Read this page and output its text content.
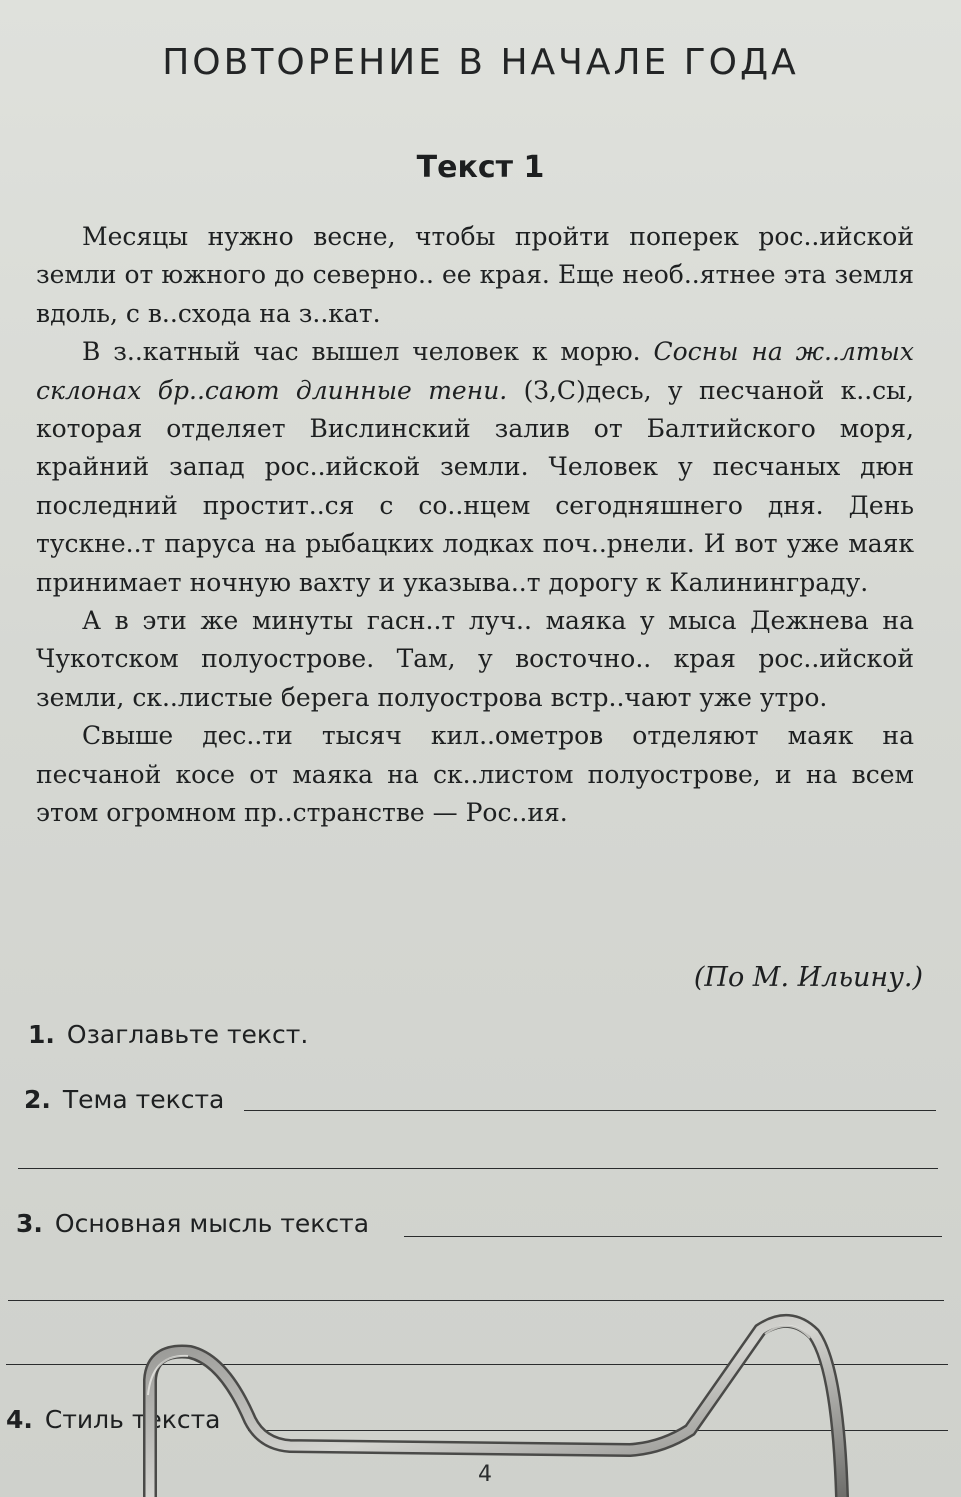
ПОВТОРЕНИЕ В НАЧАЛЕ ГОДА
Текст 1

Месяцы нужно весне, чтобы пройти поперек рос..ийской земли от южного до северно.. ее края. Еще необ..ятнее эта земля вдоль, с в..схода на з..кат.

В з..катный час вышел человек к морю. Сосны на ж..лтых склонах бр..сают длинные тени. (З,С)десь, у песчаной к..сы, которая отделяет Вислинский залив от Балтийского моря, крайний запад рос..ийской земли. Человек у песчаных дюн последний простит..ся с со..нцем сегодняшнего дня. День тускне..т паруса на рыбацких лодках поч..рнели. И вот уже маяк принимает ночную вахту и указыва..т дорогу к Калининграду.

А в эти же минуты гасн..т луч.. маяка у мыса Дежнева на Чукотском полуострове. Там, у восточно.. края рос..ийской земли, ск..листые берега полуострова встр..чают уже утро.

Свыше дес..ти тысяч кил..ометров отделяют маяк на песчаной косе от маяка на ск..листом полуострове, и на всем этом огромном пр..странстве — Рос..ия.

(По М. Ильину.)
1. Озаглавьте текст.
2. Тема текста
3. Основная мысль текста
4. Стиль текста
4
